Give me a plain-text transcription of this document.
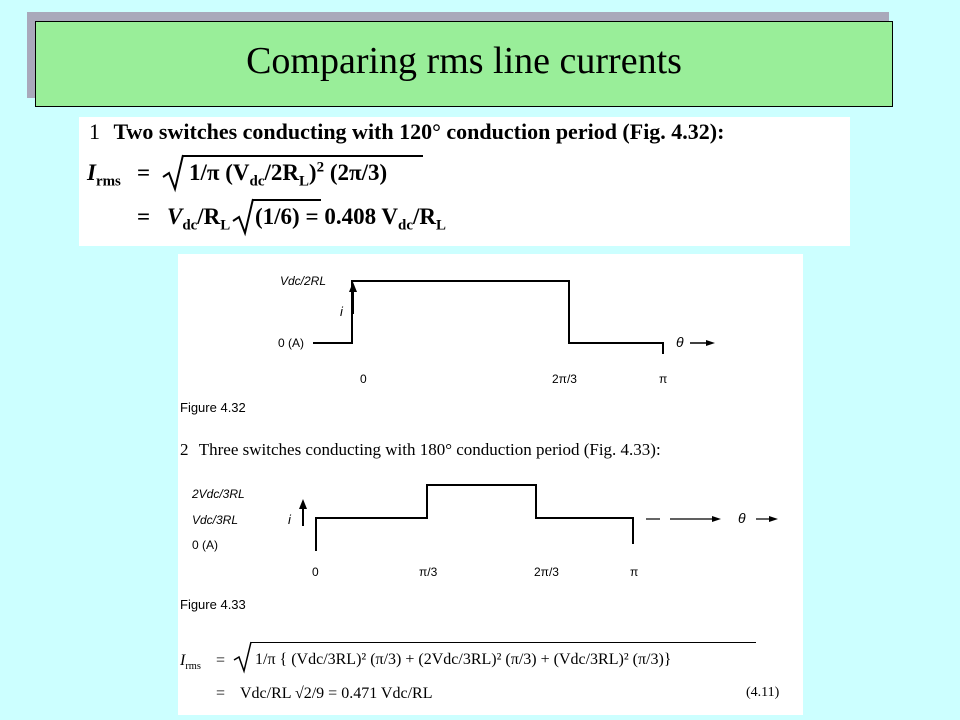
Comparing rms line currents
1 Two switches conducting with 120° conduction period (Fig. 4.32):
$I_{rms} = 1/\pi$ $(V_{dc}/2R_L)^2$ (2π/3)
= $V_{dc}/R_L$ (1/6) = 0.408 $V_{dc}/R_L$
Vdc/2RL
i
0 (A)	θ
0	2π/3	π
Figure 4.32
2 Three switches conducting with 180° conduction period (Fig. 4.33):
2Vdc/3RL
Vdc/3RL
0 (A)
i	θ
0	π/3	2π/3	π
Figure 4.33
$I_{rms} = 1/\pi$ { (Vdc/3RL)² (π/3) + (2Vdc/3RL)² (π/3) + (Vdc/3RL)² (π/3)}
= Vdc/RL √2/9 = 0.471 Vdc/RL	(4.11)
